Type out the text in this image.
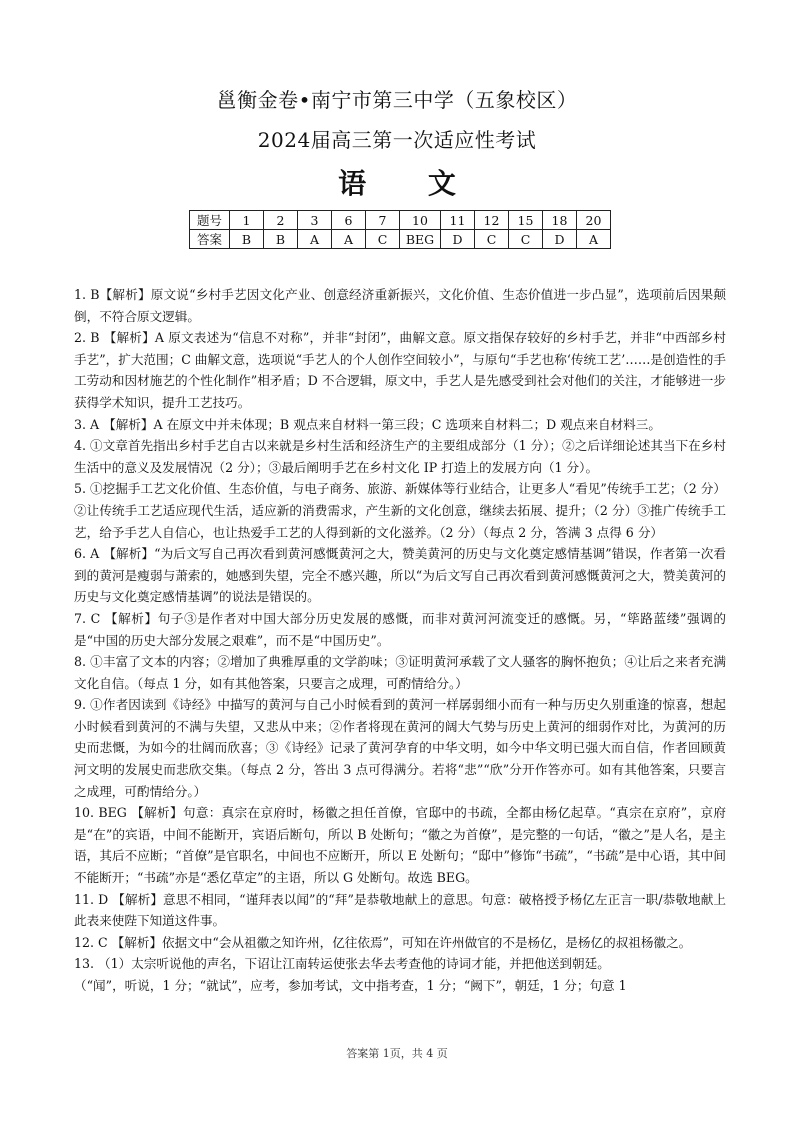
邕衡金卷•南宁市第三中学（五象校区）
2024届高三第一次适应性考试
语 文
题号	1	2	3	6	7	10	11	12	15	18	20
答案	B	B	A	A	C	BEG	D	C	C	D	A

1. B【解析】原文说“乡村手艺因文化产业、创意经济重新振兴，文化价值、生态价值进一步凸显”，选项前后因果颠倒，不符合原文逻辑。

2. B 【解析】A 原文表述为“信息不对称”，并非“封闭”，曲解文意。原文指保存较好的乡村手艺，并非“中西部乡村手艺”，扩大范围；C 曲解文意，选项说“手艺人的个人创作空间较小”，与原句“手艺也称‘传统工艺’……是创造性的手工劳动和因材施艺的个性化制作”相矛盾；D 不合逻辑，原文中，手艺人是先感受到社会对他们的关注，才能够进一步获得学术知识，提升工艺技巧。

3. A 【解析】A 在原文中并未体现；B 观点来自材料一第三段；C 选项来自材料二；D 观点来自材料三。

4. ①文章首先指出乡村手艺自古以来就是乡村生活和经济生产的主要组成部分（1 分）；②之后详细论述其当下在乡村生活中的意义及发展情况（2 分）；③最后阐明手艺在乡村文化 IP 打造上的发展方向（1 分）。

5. ①挖掘手工艺文化价值、生态价值，与电子商务、旅游、新媒体等行业结合，让更多人“看见”传统手工艺；（2 分）②让传统手工艺适应现代生活，适应新的消费需求，产生新的文化创意，继续去拓展、提升；（2 分）③推广传统手工艺，给予手艺人自信心，也让热爱手工艺的人得到新的文化滋养。（2 分）（每点 2 分，答满 3 点得 6 分）

6. A 【解析】“为后文写自己再次看到黄河感慨黄河之大，赞美黄河的历史与文化奠定感情基调”错误，作者第一次看到的黄河是瘦弱与萧索的，她感到失望，完全不感兴趣，所以“为后文写自己再次看到黄河感慨黄河之大，赞美黄河的历史与文化奠定感情基调”的说法是错误的。

7. C 【解析】句子③是作者对中国大部分历史发展的感慨，而非对黄河河流变迁的感慨。另，“筚路蓝缕”强调的是“中国的历史大部分发展之艰难”，而不是“中国历史”。

8. ①丰富了文本的内容；②增加了典雅厚重的文学韵味；③证明黄河承载了文人骚客的胸怀抱负；④让后之来者充满文化自信。（每点 1 分，如有其他答案，只要言之成理，可酌情给分。）

9. ①作者因读到《诗经》中描写的黄河与自己小时候看到的黄河一样孱弱细小而有一种与历史久别重逢的惊喜，想起小时候看到黄河的不满与失望，又悲从中来；②作者将现在黄河的阔大气势与历史上黄河的细弱作对比，为黄河的历史而悲慨，为如今的壮阔而欣喜；③《诗经》记录了黄河孕育的中华文明，如今中华文明已强大而自信，作者回顾黄河文明的发展史而悲欣交集。（每点 2 分，答出 3 点可得满分。若将“悲”“欣”分开作答亦可。如有其他答案，只要言之成理，可酌情给分。）

10. BEG 【解析】句意：真宗在京府时，杨徽之担任首僚，官邸中的书疏，全都由杨亿起草。“真宗在京府”，京府是“在”的宾语，中间不能断开，宾语后断句，所以 B 处断句；“徽之为首僚”，是完整的一句话，“徽之”是人名，是主语，其后不应断；“首僚”是官职名，中间也不应断开，所以 E 处断句；“邸中”修饰“书疏”，“书疏”是中心语，其中间不能断开；“书疏”亦是“悉亿草定”的主语，所以 G 处断句。故选 BEG。

11. D 【解析】意思不相同，“谨拜表以闻”的“拜”是恭敬地献上的意思。句意：破格授予杨亿左正言一职/恭敬地献上此表来使陛下知道这件事。

12. C 【解析】依据文中“会从祖徽之知许州，亿往依焉”，可知在许州做官的不是杨亿，是杨亿的叔祖杨徽之。

13. （1）太宗听说他的声名，下诏让江南转运使张去华去考查他的诗词才能，并把他送到朝廷。

（“闻”，听说，1 分；“就试”，应考，参加考试，文中指考查，1 分；“阙下”，朝廷，1 分；句意 1

答案第 1页，共 4 页
